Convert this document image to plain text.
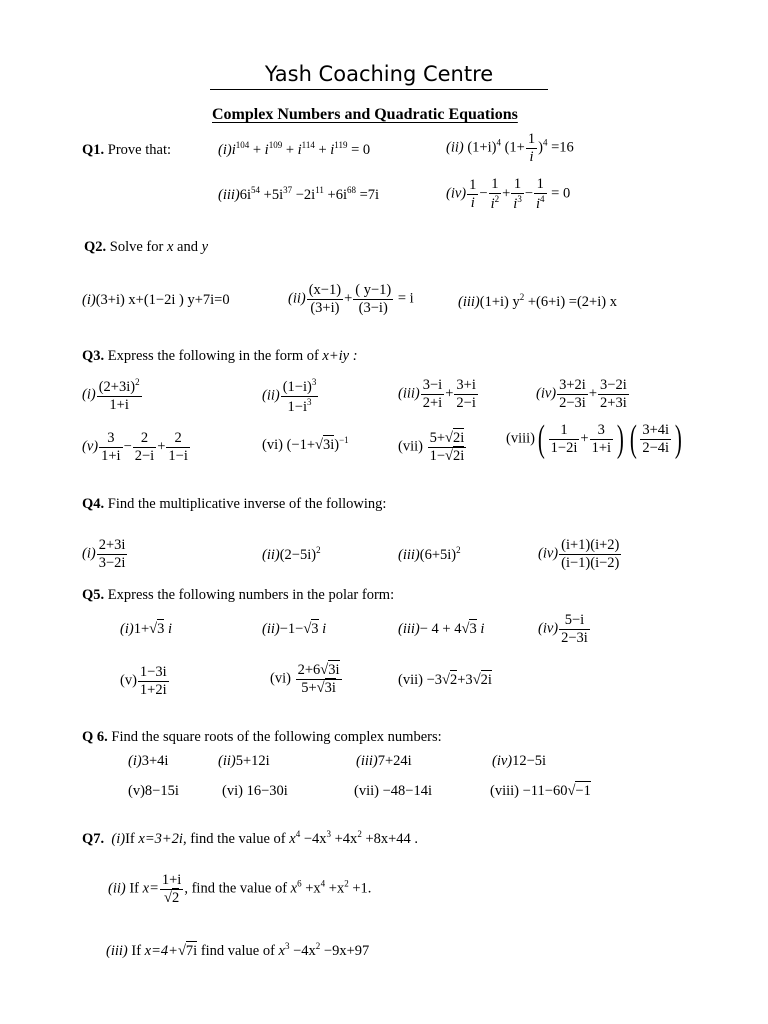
Yash Coaching Centre
Complex Numbers and Quadratic Equations
Q1. Prove that:	$(i)i^{104} + i^{109} + i^{114} + i^{119} = 0$	(ii) $(1+i)^4$ $(1+ \frac{1}{i} )^4 =16$
$(iii)6i^{54} +5i^{37} -2i^{11} +6i^{68} =7i$	$(iv) \frac{1}{i} - \frac{1}{i^2} + \frac{1}{i^3} - \frac{1}{i^4} = 0$
Q2. Solve for x and y
(i)(3+i) x+(1−2i ) y+7i=0	$(ii) \frac{(x-1)}{(3+i)} + \frac{( y-1)}{(3-i)} = i$	(iii)(1+i) $y^2 +(6+i) =(2+i)$ x
Q3. Express the following in the form of x+iy :
$(i) \frac{(2+3i)^2}{1+i}$	$(ii) \frac{(1-i)^3}{1-i^3}$	$(iii) \frac{3-i}{2+i} + \frac{3+i}{2-i}$	$(iv) \frac{3+2i}{2-3i} + \frac{3-2i}{2+3i}$
$(v) \frac{3}{1+i} - \frac{2}{2-i} + \frac{2}{1-i}$	(vi) $(-1+√3i)^{-1}$	$(vii) \frac{5+√2i}{1-√2i}$	(viii)( $\frac{1}{1-2i} + \frac{3}{1+i}$ ) ( $\frac{3+4i}{2-4i}$ )
Q4. Find the multiplicative inverse of the following:
$(i) \frac{2+3i}{3-2i}$	$(ii)(2-5i)^2$	$(iii)(6+5i)^2$	$(iv) \frac{(i+1)(i+2)}{(i-1)(i-2)}$
Q5. Express the following numbers in the polar form:
(i)1+√3 i	(ii)−1−√3 i	(iii)− 4 + 4√3 i	$(iv) \frac{5-i}{2-3i}$
$(v) \frac{1-3i}{1+2i}$	$(vi) \frac{2+6√3i}{5+√3i}$	(vii) −3√2+3√2i
Q 6. Find the square roots of the following complex numbers:
(i)3+4i	(ii)5+12i	(iii)7+24i	(iv)12−5i
(v)8−15i	(vi) 16−30i	(vii) −48−14i	(viii) −11−60√−1
Q7. (i)If x=3+2i, find the value of $x^4 -4x^3 +4x^2 +8x+44$ .
(ii) If $x= \frac{1+i}{√2}$ , find the value of $x^6 +x^4 +x^2 +1$.
(iii) If x=4+√7i find value of $x^3 -4x^2 -9x+97$
